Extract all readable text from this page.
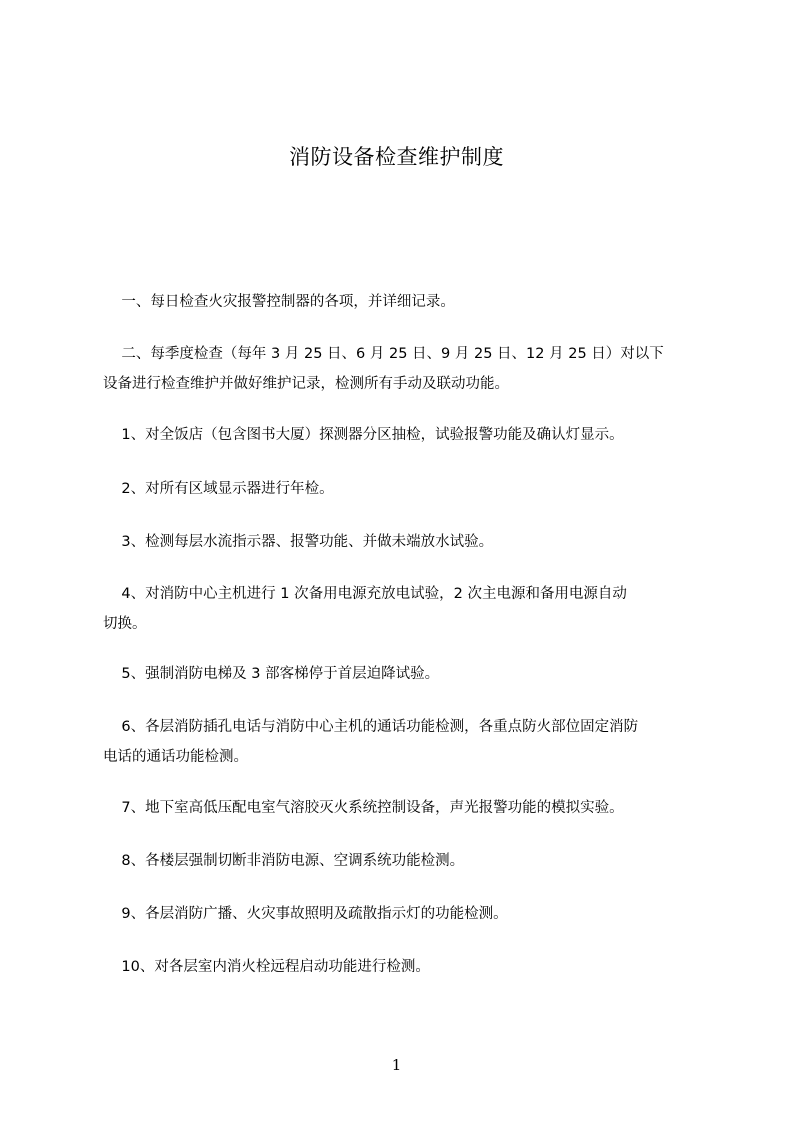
消防设备检查维护制度
一、每日检查火灾报警控制器的各项，并详细记录。
二、每季度检查（每年 3 月 25 日、6 月 25 日、9 月 25 日、12 月 25 日）对以下
设备进行检查维护并做好维护记录，检测所有手动及联动功能。
1、对全饭店（包含图书大厦）探测器分区抽检，试验报警功能及确认灯显示。
2、对所有区域显示器进行年检。
3、检测每层水流指示器、报警功能、并做未端放水试验。
4、对消防中心主机进行 1 次备用电源充放电试验，2 次主电源和备用电源自动
切换。
5、强制消防电梯及 3 部客梯停于首层迫降试验。
6、各层消防插孔电话与消防中心主机的通话功能检测，各重点防火部位固定消防
电话的通话功能检测。
7、地下室高低压配电室气溶胶灭火系统控制设备，声光报警功能的模拟实验。
8、各楼层强制切断非消防电源、空调系统功能检测。
9、各层消防广播、火灾事故照明及疏散指示灯的功能检测。
10、对各层室内消火栓远程启动功能进行检测。
1
